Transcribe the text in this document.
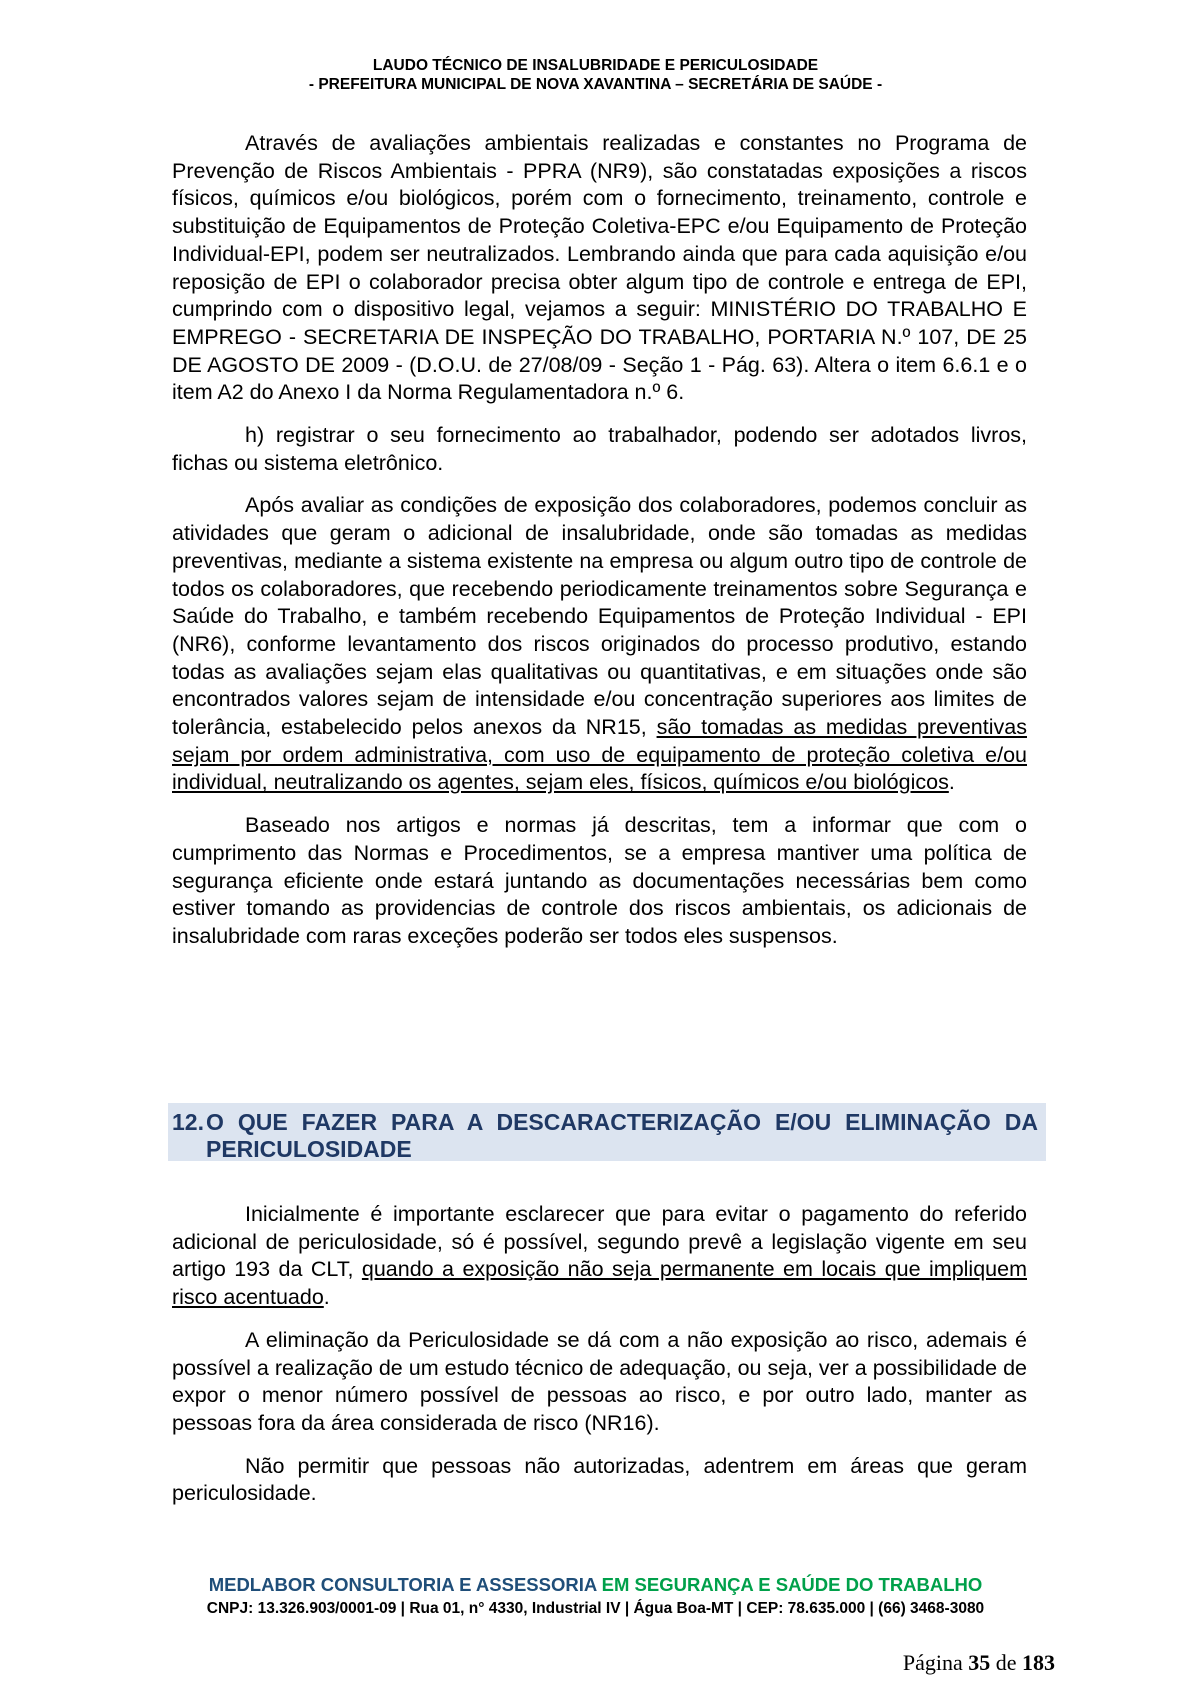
LAUDO TÉCNICO DE INSALUBRIDADE E PERICULOSIDADE
- PREFEITURA MUNICIPAL DE NOVA XAVANTINA – SECRETÁRIA DE SAÚDE -

Através de avaliações ambientais realizadas e constantes no Programa de Prevenção de Riscos Ambientais - PPRA (NR9), são constatadas exposições a riscos físicos, químicos e/ou biológicos, porém com o fornecimento, treinamento, controle e substituição de Equipamentos de Proteção Coletiva-EPC e/ou Equipamento de Proteção Individual-EPI, podem ser neutralizados. Lembrando ainda que para cada aquisição e/ou reposição de EPI o colaborador precisa obter algum tipo de controle e entrega de EPI, cumprindo com o dispositivo legal, vejamos a seguir: MINISTÉRIO DO TRABALHO E EMPREGO - SECRETARIA DE INSPEÇÃO DO TRABALHO, PORTARIA N.º 107, DE 25 DE AGOSTO DE 2009 - (D.O.U. de 27/08/09 - Seção 1 - Pág. 63). Altera o item 6.6.1 e o item A2 do Anexo I da Norma Regulamentadora n.º 6.

h) registrar o seu fornecimento ao trabalhador, podendo ser adotados livros, fichas ou sistema eletrônico.

Após avaliar as condições de exposição dos colaboradores, podemos concluir as atividades que geram o adicional de insalubridade, onde são tomadas as medidas preventivas, mediante a sistema existente na empresa ou algum outro tipo de controle de todos os colaboradores, que recebendo periodicamente treinamentos sobre Segurança e Saúde do Trabalho, e também recebendo Equipamentos de Proteção Individual - EPI (NR6), conforme levantamento dos riscos originados do processo produtivo, estando todas as avaliações sejam elas qualitativas ou quantitativas, e em situações onde são encontrados valores sejam de intensidade e/ou concentração superiores aos limites de tolerância, estabelecido pelos anexos da NR15, são tomadas as medidas preventivas sejam por ordem administrativa, com uso de equipamento de proteção coletiva e/ou individual, neutralizando os agentes, sejam eles, físicos, químicos e/ou biológicos.

Baseado nos artigos e normas já descritas, tem a informar que com o cumprimento das Normas e Procedimentos, se a empresa mantiver uma política de segurança eficiente onde estará juntando as documentações necessárias bem como estiver tomando as providencias de controle dos riscos ambientais, os adicionais de insalubridade com raras exceções poderão ser todos eles suspensos.

12. O QUE FAZER PARA A DESCARACTERIZAÇÃO E/OU ELIMINAÇÃO DA PERICULOSIDADE

Inicialmente é importante esclarecer que para evitar o pagamento do referido adicional de periculosidade, só é possível, segundo prevê a legislação vigente em seu artigo 193 da CLT, quando a exposição não seja permanente em locais que impliquem risco acentuado.

A eliminação da Periculosidade se dá com a não exposição ao risco, ademais é possível a realização de um estudo técnico de adequação, ou seja, ver a possibilidade de expor o menor número possível de pessoas ao risco, e por outro lado, manter as pessoas fora da área considerada de risco (NR16).

Não permitir que pessoas não autorizadas, adentrem em áreas que geram periculosidade.

MEDLABOR CONSULTORIA E ASSESSORIA EM SEGURANÇA E SAÚDE DO TRABALHO
CNPJ: 13.326.903/0001-09 | Rua 01, n° 4330, Industrial IV | Água Boa-MT | CEP: 78.635.000 | (66) 3468-3080
Página 35 de 183
